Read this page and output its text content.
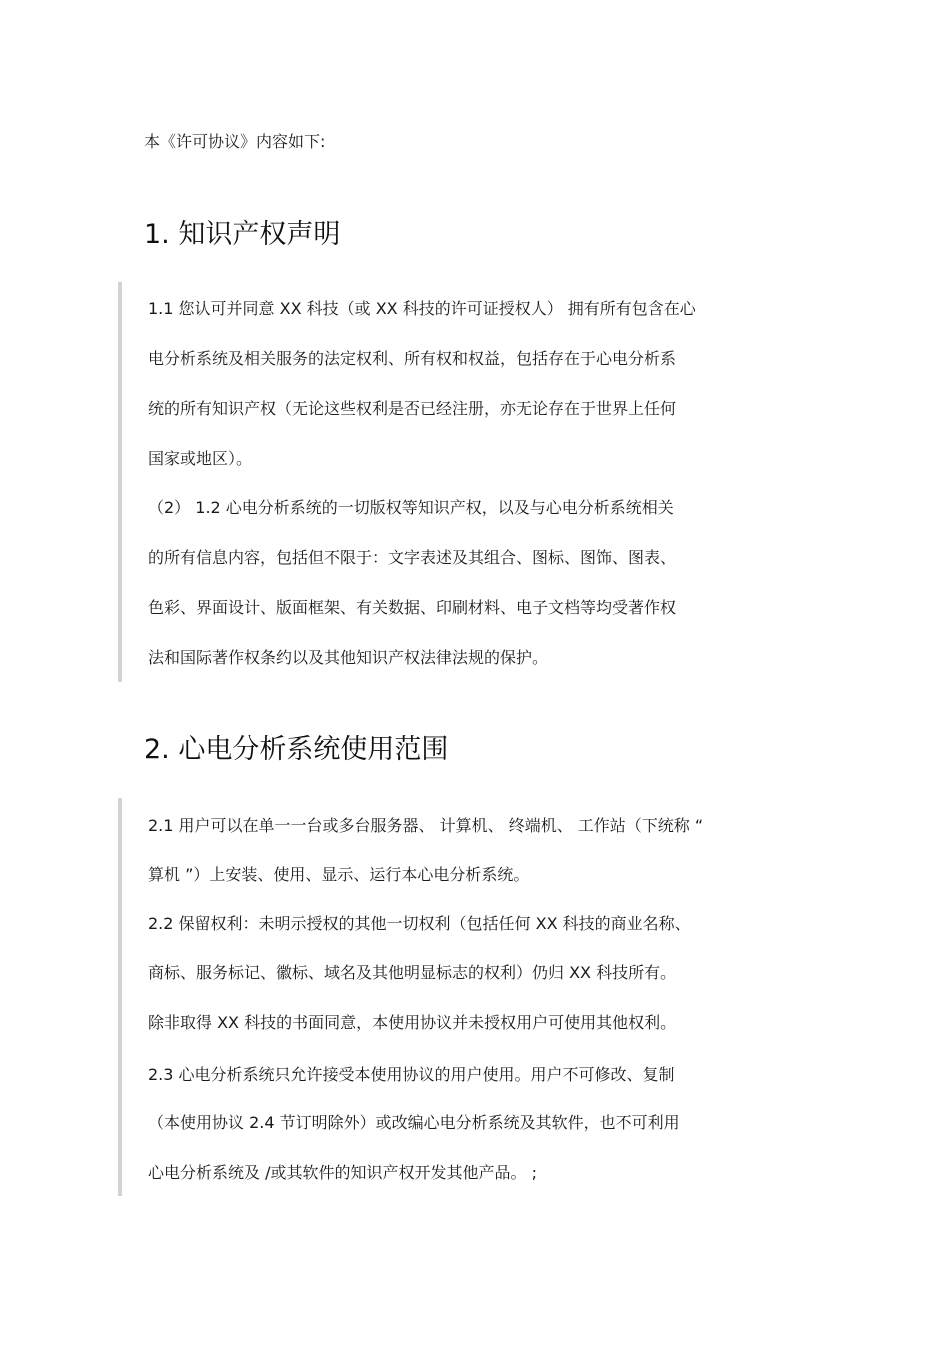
本《许可协议》内容如下:

1. 知识产权声明

1.1 您认可并同意 XX 科技（或 XX 科技的许可证授权人） 拥有所有包含在心

电分析系统及相关服务的法定权利、所有权和权益，包括存在于心电分析系

统的所有知识产权（无论这些权利是否已经注册，亦无论存在于世界上任何

国家或地区）。

（2） 1.2 心电分析系统的一切版权等知识产权，以及与心电分析系统相关

的所有信息内容，包括但不限于：文字表述及其组合、图标、图饰、图表、

色彩、界面设计、版面框架、有关数据、印刷材料、电子文档等均受著作权

法和国际著作权条约以及其他知识产权法律法规的保护。

2. 心电分析系统使用范围

2.1 用户可以在单一一台或多台服务器、 计算机、 终端机、 工作站（下统称 “

算机 ”）上安装、使用、显示、运行本心电分析系统。

2.2 保留权利：未明示授权的其他一切权利（包括任何 XX 科技的商业名称、

商标、服务标记、徽标、域名及其他明显标志的权利）仍归 XX 科技所有。

除非取得 XX 科技的书面同意，本使用协议并未授权用户可使用其他权利。

2.3 心电分析系统只允许接受本使用协议的用户使用。用户不可修改、复制

（本使用协议 2.4 节订明除外）或改编心电分析系统及其软件，也不可利用

心电分析系统及 /或其软件的知识产权开发其他产品。 ;
